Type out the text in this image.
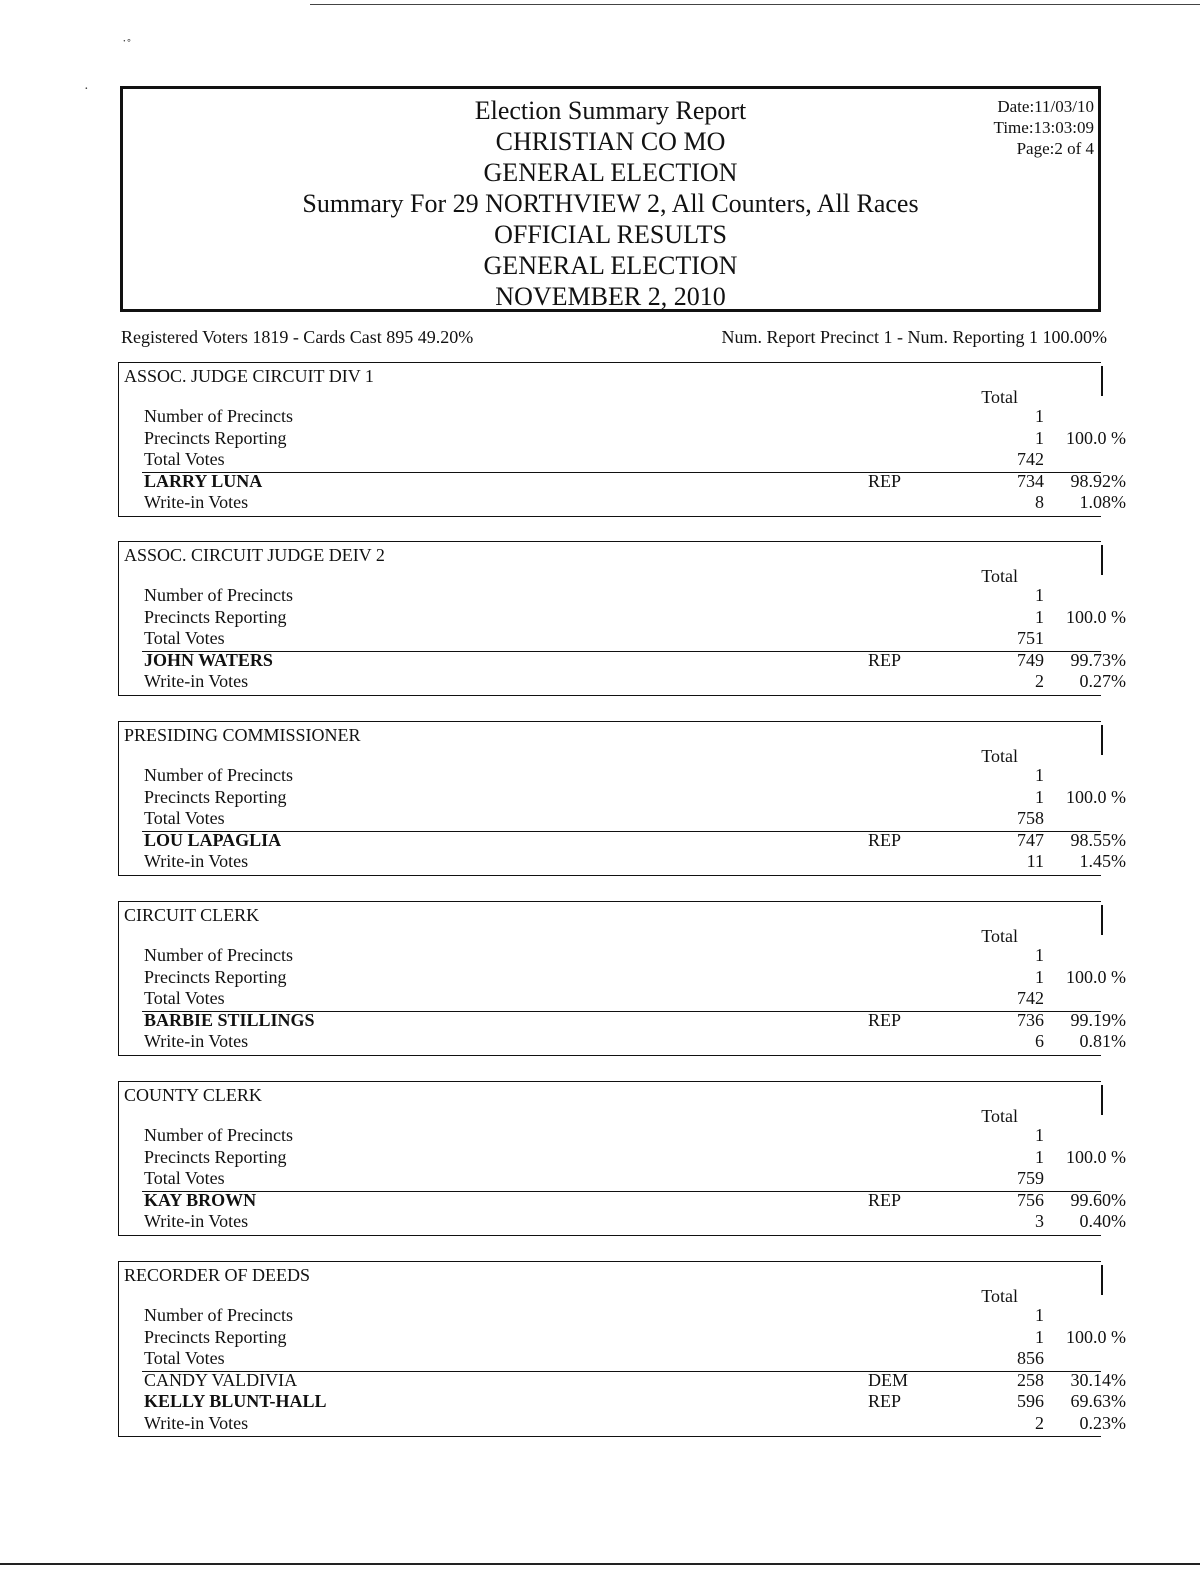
˙˚
·
Election Summary Report
CHRISTIAN CO MO
GENERAL ELECTION
Summary For 29 NORTHVIEW 2, All Counters, All Races
OFFICIAL RESULTS
GENERAL ELECTION
NOVEMBER 2, 2010
Date:11/03/10
Time:13:03:09
Page:2 of 4
Registered Voters 1819 - Cards Cast 895 49.20%	Num. Report Precinct 1 - Num. Reporting 1 100.00%
ASSOC. JUDGE CIRCUIT DIV 1
Total
Number of Precincts	1
Precincts Reporting	1	100.0 %
Total Votes	742
LARRY LUNA	REP	734	98.92%
Write-in Votes	8	1.08%
ASSOC. CIRCUIT JUDGE DEIV 2
Total
Number of Precincts	1
Precincts Reporting	1	100.0 %
Total Votes	751
JOHN WATERS	REP	749	99.73%
Write-in Votes	2	0.27%
PRESIDING COMMISSIONER
Total
Number of Precincts	1
Precincts Reporting	1	100.0 %
Total Votes	758
LOU LAPAGLIA	REP	747	98.55%
Write-in Votes	11	1.45%
CIRCUIT CLERK
Total
Number of Precincts	1
Precincts Reporting	1	100.0 %
Total Votes	742
BARBIE STILLINGS	REP	736	99.19%
Write-in Votes	6	0.81%
COUNTY CLERK
Total
Number of Precincts	1
Precincts Reporting	1	100.0 %
Total Votes	759
KAY BROWN	REP	756	99.60%
Write-in Votes	3	0.40%
RECORDER OF DEEDS
Total
Number of Precincts	1
Precincts Reporting	1	100.0 %
Total Votes	856
CANDY VALDIVIA	DEM	258	30.14%
KELLY BLUNT-HALL	REP	596	69.63%
Write-in Votes	2	0.23%
